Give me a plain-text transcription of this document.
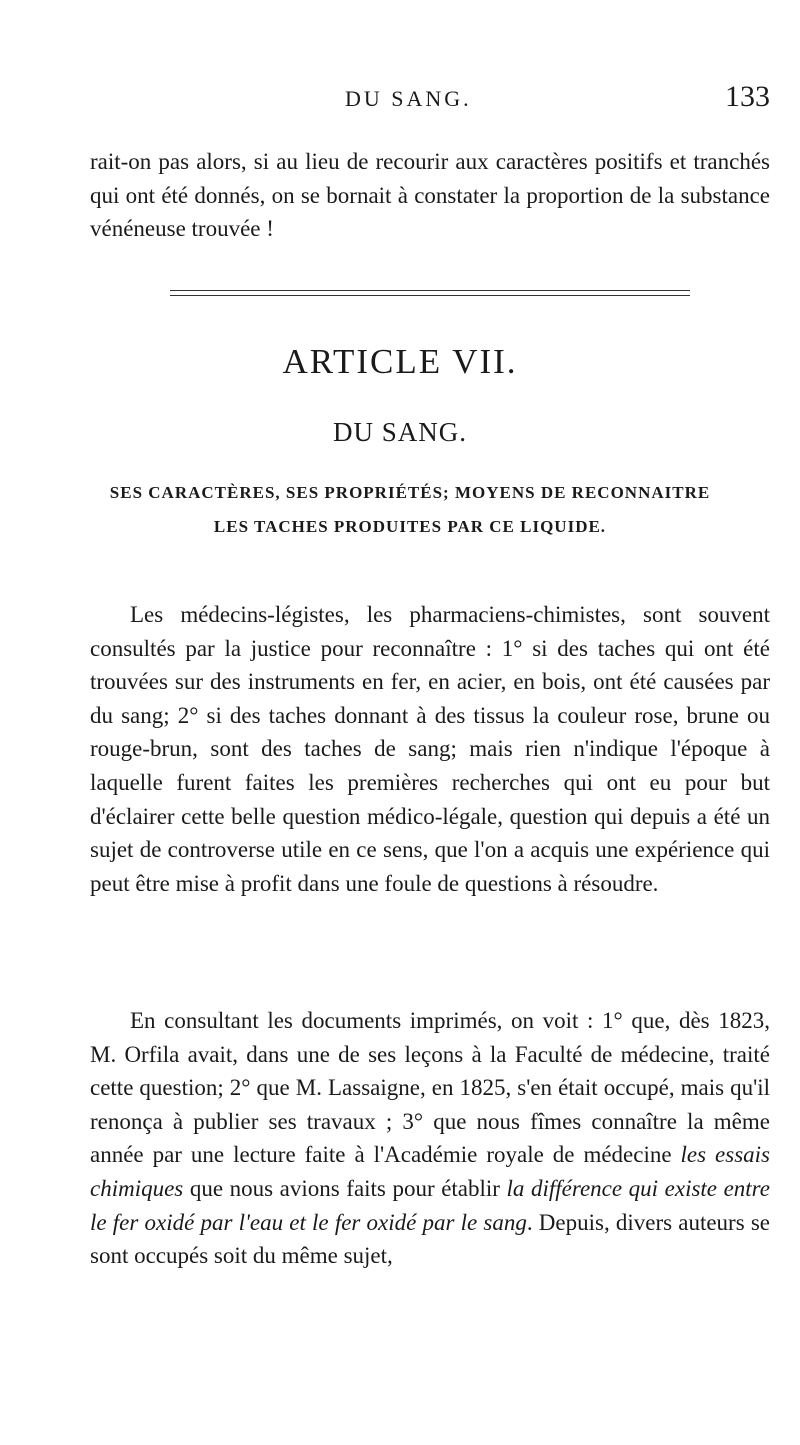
DU SANG.	133

rait-on pas alors, si au lieu de recourir aux caractères positifs et tranchés qui ont été donnés, on se bornait à constater la proportion de la substance vénéneuse trouvée !

ARTICLE VII.
DU SANG.
SES CARACTÈRES, SES PROPRIÉTÉS; MOYENS DE RECONNAITRE LES TACHES PRODUITES PAR CE LIQUIDE.

Les médecins-légistes, les pharmaciens-chimistes, sont souvent consultés par la justice pour reconnaître : 1° si des taches qui ont été trouvées sur des instruments en fer, en acier, en bois, ont été causées par du sang; 2° si des taches donnant à des tissus la couleur rose, brune ou rouge-brun, sont des taches de sang; mais rien n'indique l'époque à laquelle furent faites les premières recherches qui ont eu pour but d'éclairer cette belle question médico-légale, question qui depuis a été un sujet de controverse utile en ce sens, que l'on a acquis une expérience qui peut être mise à profit dans une foule de questions à résoudre.

En consultant les documents imprimés, on voit : 1° que, dès 1823, M. Orfila avait, dans une de ses leçons à la Faculté de médecine, traité cette question; 2° que M. Lassaigne, en 1825, s'en était occupé, mais qu'il renonça à publier ses travaux ; 3° que nous fîmes connaître la même année par une lecture faite à l'Académie royale de médecine les essais chimiques que nous avions faits pour établir la différence qui existe entre le fer oxidé par l'eau et le fer oxidé par le sang. Depuis, divers auteurs se sont occupés soit du même sujet,
